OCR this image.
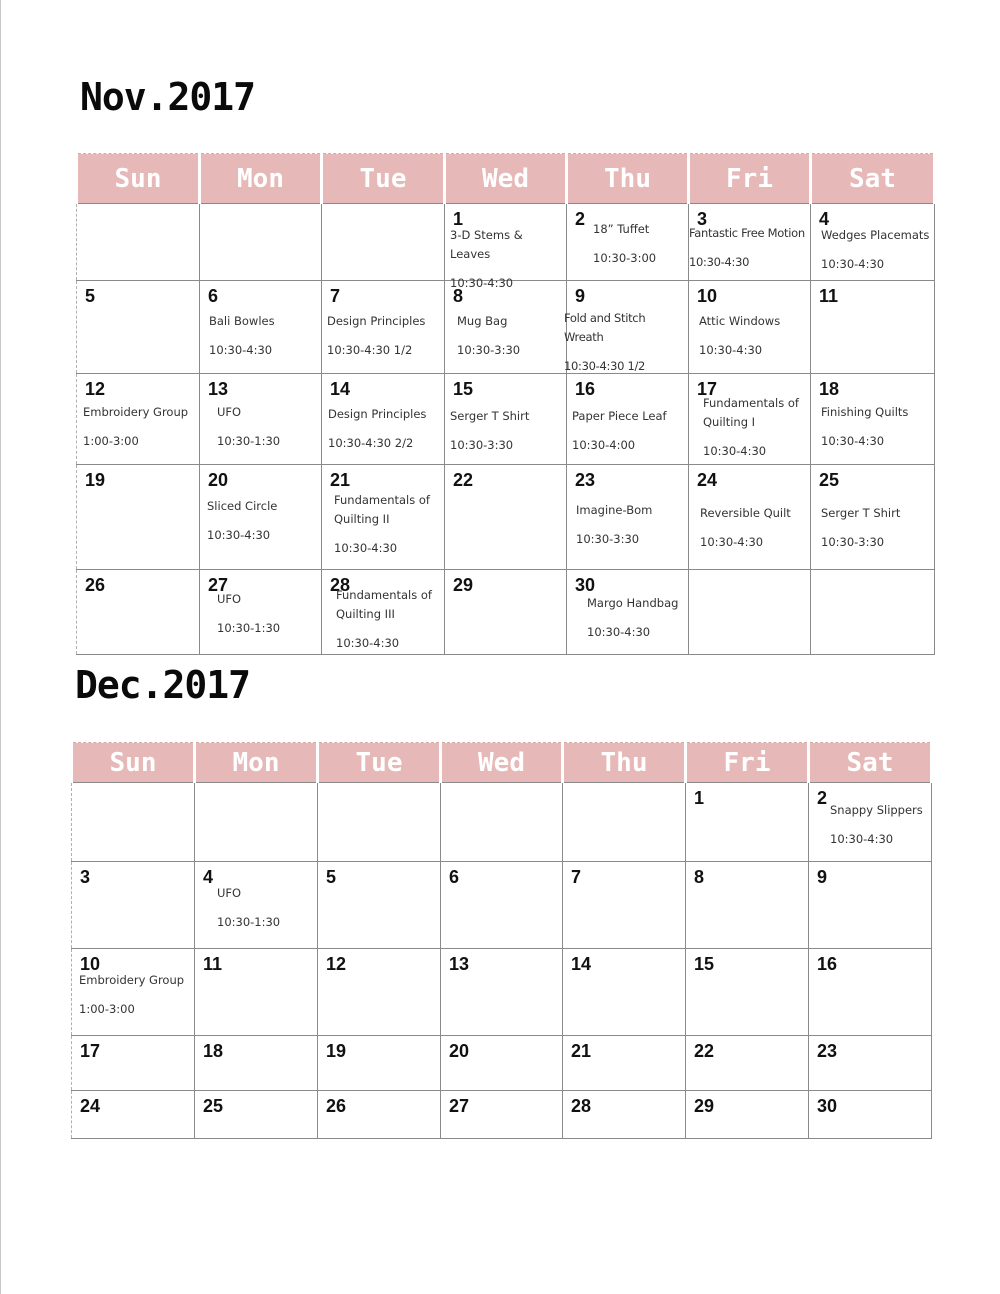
Nov.2017
Sun	Mon	Tue	Wed	Thu	Fri	Sat

			1
3-D Stems & Leaves
10:30-4:30	2 18” Tuffet
10:30-3:00	3
Fantastic Free Motion
10:30-4:30	4
Wedges Placemats
10:30-4:30

5	6
Bali Bowles
10:30-4:30	7
Design Principles
10:30-4:30 1/2	8
Mug Bag
10:30-3:30	9
Fold and Stitch Wreath
10:30-4:30 1/2	10
Attic Windows
10:30-4:30	11

12
Embroidery Group
1:00-3:00	13
UFO
10:30-1:30	14
Design Principles
10:30-4:30 2/2	15
Serger T Shirt
10:30-3:30	16
Paper Piece Leaf
10:30-4:00	17
Fundamentals of
Quilting I
10:30-4:30	18
Finishing Quilts
10:30-4:30

19	20
Sliced Circle
10:30-4:30	21
Fundamentals of
Quilting II
10:30-4:30	22	23
Imagine-Bom
10:30-3:30	24
Reversible Quilt
10:30-4:30	25
Serger T Shirt
10:30-3:30

26	27
UFO
10:30-1:30	28
Fundamentals of
Quilting III
10:30-4:30	29	30
Margo Handbag
10:30-4:30		

Dec.2017
Sun	Mon	Tue	Wed	Thu	Fri	Sat

					1	2
Snappy Slippers
10:30-4:30

3	4
UFO
10:30-1:30	5	6	7	8	9

10
Embroidery Group
1:00-3:00	11	12	13	14	15	16

17	18	19	20	21	22	23

24	25	26	27	28	29	30
